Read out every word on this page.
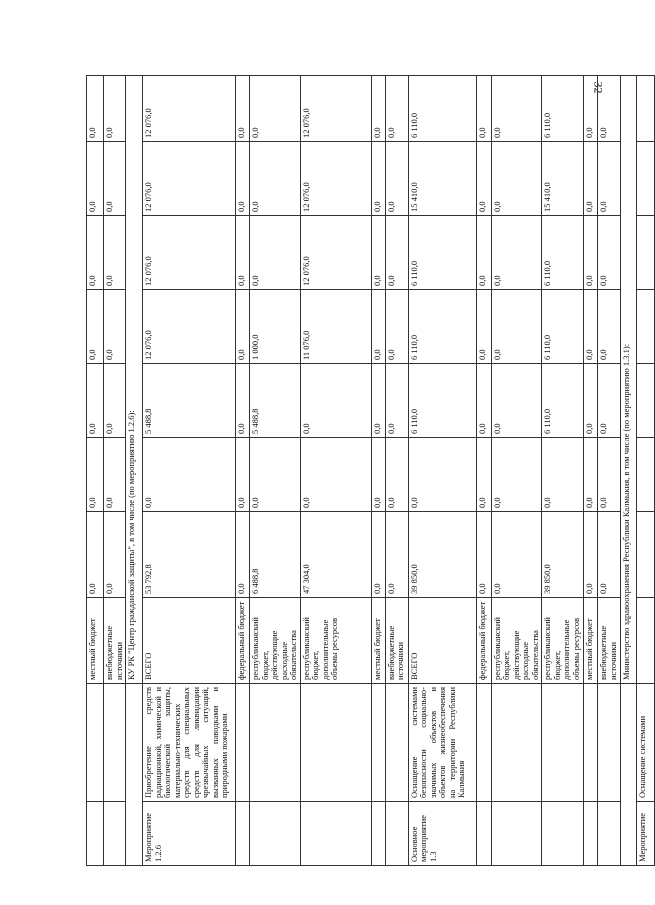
32
		местный бюджет	0,0	0,0	0,0	0,0	0,0	0,0	0,0
		внебюджетные источники	0,0	0,0	0,0	0,0	0,0	0,0	0,0
		КУ РК "Центр гражданской защиты", в том числе (по мероприятию 1.2.6):							
Мероприятие 1.2.6	Приобретение средств радиационной, химической и биологической защиты, материально-технических средств для специальных средств для ликвидации чрезвычайных ситуаций, вызванных паводками и природными пожарами	ВСЕГО	53 792,8	0,0	5 488,8	12 076,0	12 076,0	12 076,0	12 076,0
		федеральный бюджет	0,0	0,0	0,0	0,0	0,0	0,0	0,0
		республиканский бюджет, действующие расходные обязательства	6 488,8	0,0	5 488,8	1 000,0	0,0	0,0	0,0
		республиканский бюджет, дополнительные объемы ресурсов	47 304,0	0,0	0,0	11 076,0	12 076,0	12 076,0	12 076,0
		местный бюджет	0,0	0,0	0,0	0,0	0,0	0,0	0,0
		внебюджетные источники	0,0	0,0	0,0	0,0	0,0	0,0	0,0
Основное мероприятие 1.3	Оснащение системами безопасности социально-значимых объектов и объектов жизнеобеспечения на территории Республики Калмыкия	ВСЕГО	39 850,0	0,0	6 110,0	6 110,0	6 110,0	15 410,0	6 110,0
		федеральный бюджет	0,0	0,0	0,0	0,0	0,0	0,0	0,0
		республиканский бюджет, действующие расходные обязательства	0,0	0,0	0,0	0,0	0,0	0,0	0,0
		республиканский бюджет, дополнительные объемы ресурсов	39 850,0	0,0	6 110,0	6 110,0	6 110,0	15 410,0	6 110,0
		местный бюджет	0,0	0,0	0,0	0,0	0,0	0,0	0,0
		внебюджетные источники	0,0	0,0	0,0	0,0	0,0	0,0	0,0
		Министерство здравоохранения Республики Калмыкия, в том числе (по мероприятию 1.3.1):							
Мероприятие	Оснащение системами								
